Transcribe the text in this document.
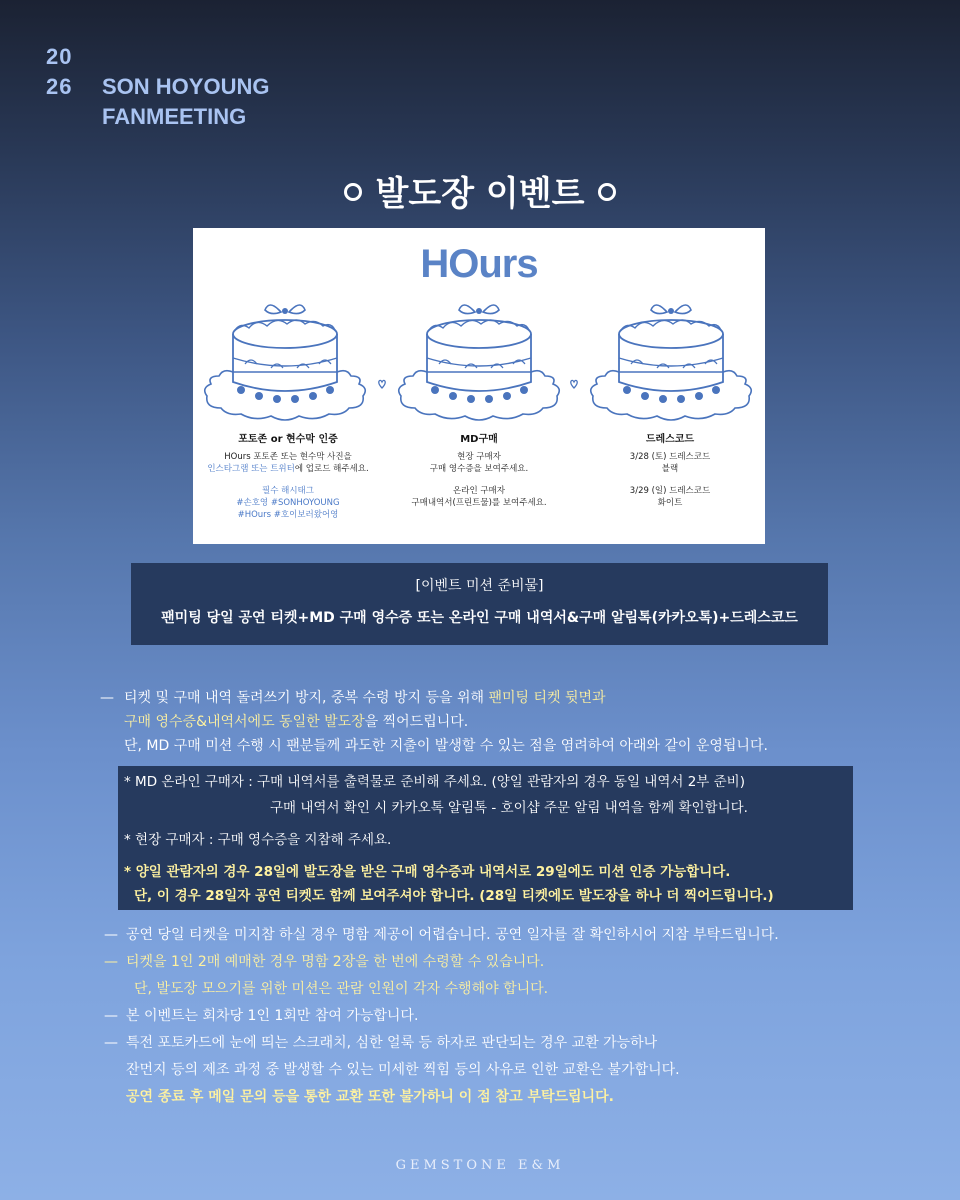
20
26	SON HOYOUNG
FANMEETING
발도장 이벤트
HOurs
포토존 or 현수막 인증
HOurs 포토존 또는 현수막 사진을
인스타그램 또는 트위터에 업로드 해주세요.
필수 해시태그
#손호영 #SONHOYOUNG
#HOurs #호이보러왔어영
MD구매
현장 구매자
구매 영수증을 보여주세요.
온라인 구매자
구매내역서(프린트물)를 보여주세요.
드레스코드
3/28 (토) 드레스코드
블랙
3/29 (일) 드레스코드
화이트
[이벤트 미션 준비물]
팬미팅 당일 공연 티켓+MD 구매 영수증 또는 온라인 구매 내역서&구매 알림톡(카카오톡)+드레스코드
— 티켓 및 구매 내역 돌려쓰기 방지, 중복 수령 방지 등을 위해 팬미팅 티켓 뒷면과
구매 영수증&내역서에도 동일한 발도장을 찍어드립니다.
단, MD 구매 미션 수행 시 팬분들께 과도한 지출이 발생할 수 있는 점을 염려하여 아래와 같이 운영됩니다.
* MD 온라인 구매자 : 구매 내역서를 출력물로 준비해 주세요. (양일 관람자의 경우 동일 내역서 2부 준비)
구매 내역서 확인 시 카카오톡 알림톡 - 호이샵 주문 알림 내역을 함께 확인합니다.
* 현장 구매자 : 구매 영수증을 지참해 주세요.
* 양일 관람자의 경우 28일에 발도장을 받은 구매 영수증과 내역서로 29일에도 미션 인증 가능합니다.
단, 이 경우 28일자 공연 티켓도 함께 보여주셔야 합니다. (28일 티켓에도 발도장을 하나 더 찍어드립니다.)
— 공연 당일 티켓을 미지참 하실 경우 명함 제공이 어렵습니다. 공연 일자를 잘 확인하시어 지참 부탁드립니다.
— 티켓을 1인 2매 예매한 경우 명함 2장을 한 번에 수령할 수 있습니다.
단, 발도장 모으기를 위한 미션은 관람 인원이 각자 수행해야 합니다.
— 본 이벤트는 회차당 1인 1회만 참여 가능합니다.
— 특전 포토카드에 눈에 띄는 스크래치, 심한 얼룩 등 하자로 판단되는 경우 교환 가능하나
잔먼지 등의 제조 과정 중 발생할 수 있는 미세한 찍힘 등의 사유로 인한 교환은 불가합니다.
공연 종료 후 메일 문의 등을 통한 교환 또한 불가하니 이 점 참고 부탁드립니다.
GEMSTONE E&M
